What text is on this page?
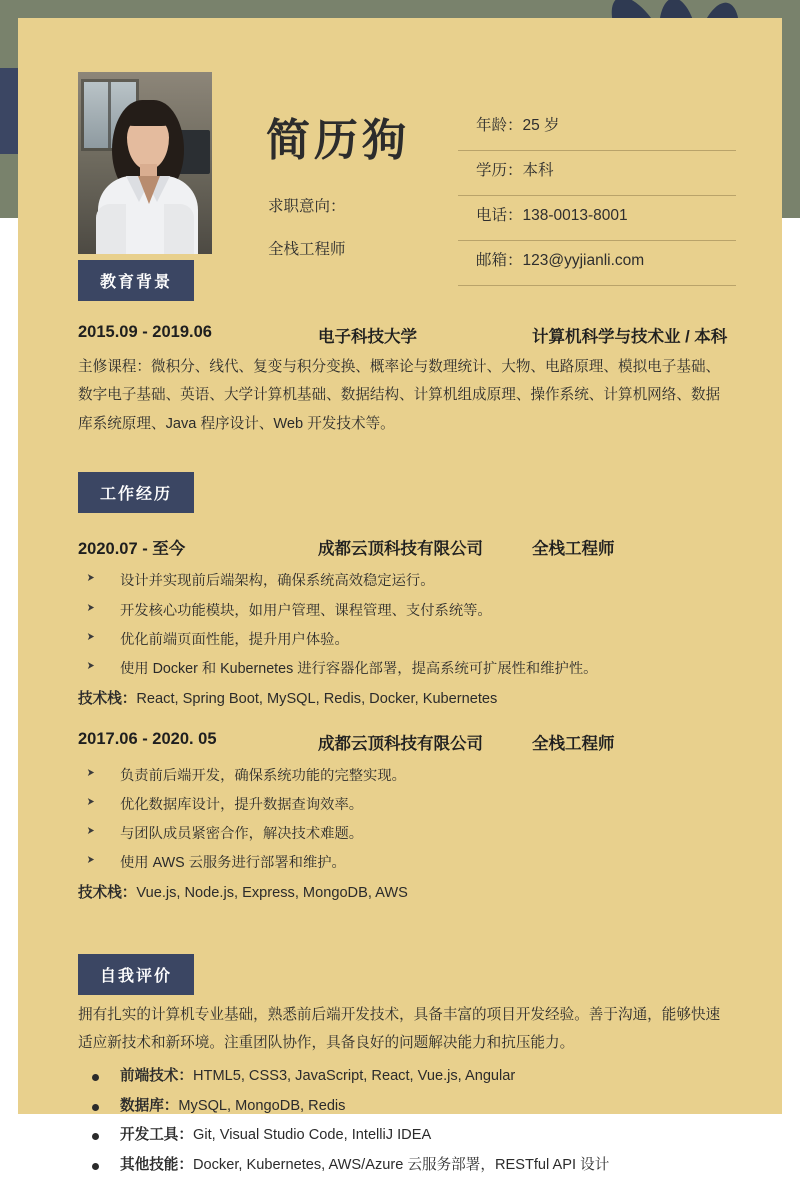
简历狗
求职意向：
全栈工程师
年龄：25 岁
学历：本科
电话：138-0013-8001
邮箱：123@yyjianli.com
教育背景
2015.09 - 2019.06	电子科技大学	计算机科学与技术业 / 本科
主修课程：微积分、线代、复变与积分变换、概率论与数理统计、大物、电路原理、模拟电子基础、数字电子基础、英语、大学计算机基础、数据结构、计算机组成原理、操作系统、计算机网络、数据库系统原理、Java 程序设计、Web 开发技术等。
工作经历
2020.07 - 至今	成都云顶科技有限公司	全栈工程师
➤ 设计并实现前后端架构，确保系统高效稳定运行。
➤ 开发核心功能模块，如用户管理、课程管理、支付系统等。
➤ 优化前端页面性能，提升用户体验。
➤ 使用 Docker 和 Kubernetes 进行容器化部署，提高系统可扩展性和维护性。
技术栈：React, Spring Boot, MySQL, Redis, Docker, Kubernetes
2017.06 - 2020. 05	成都云顶科技有限公司	全栈工程师
➤ 负责前后端开发，确保系统功能的完整实现。
➤ 优化数据库设计，提升数据查询效率。
➤ 与团队成员紧密合作，解决技术难题。
➤ 使用 AWS 云服务进行部署和维护。
技术栈：Vue.js, Node.js, Express, MongoDB, AWS
自我评价
拥有扎实的计算机专业基础，熟悉前后端开发技术，具备丰富的项目开发经验。善于沟通，能够快速适应新技术和新环境。注重团队协作，具备良好的问题解决能力和抗压能力。
前端技术：HTML5, CSS3, JavaScript, React, Vue.js, Angular
数据库：MySQL, MongoDB, Redis
开发工具：Git, Visual Studio Code, IntelliJ IDEA
其他技能：Docker, Kubernetes, AWS/Azure 云服务部署，RESTful API 设计
